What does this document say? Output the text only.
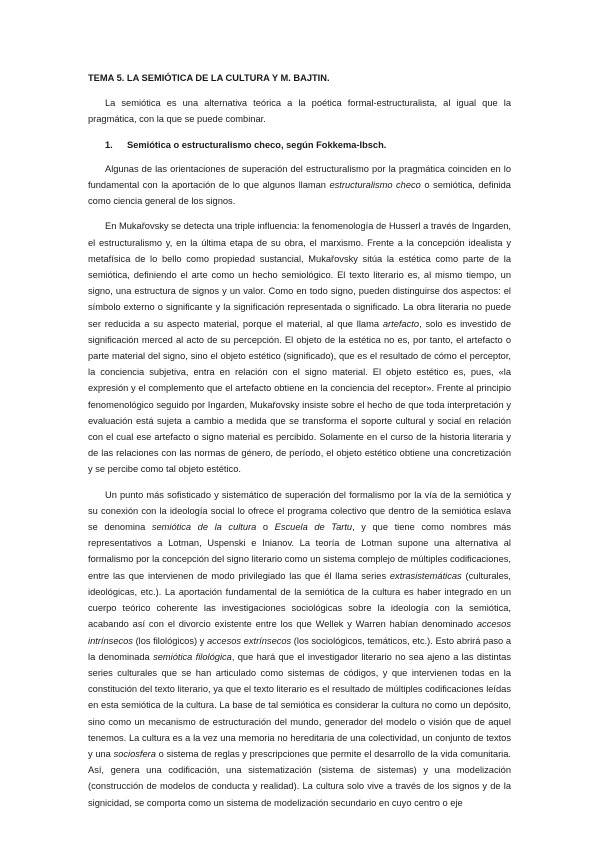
TEMA 5. LA SEMIÓTICA DE LA CULTURA Y M. BAJTIN.

La semiótica es una alternativa teórica a la poética formal-estructuralista, al igual que la pragmática, con la que se puede combinar.

1. Semiótica o estructuralismo checo, según Fokkema-Ibsch.

Algunas de las orientaciones de superación del estructuralismo por la pragmática coinciden en lo fundamental con la aportación de lo que algunos llaman estructuralismo checo o semiótica, definida como ciencia general de los signos.

En Mukařovsky se detecta una triple influencia: la fenomenología de Husserl a través de Ingarden, el estructuralismo y, en la última etapa de su obra, el marxismo. Frente a la concepción idealista y metafísica de lo bello como propiedad sustancial, Mukařovsky sitúa la estética como parte de la semiótica, definiendo el arte como un hecho semiológico. El texto literario es, al mismo tiempo, un signo, una estructura de signos y un valor. Como en todo signo, pueden distinguirse dos aspectos: el símbolo externo o significante y la significación representada o significado. La obra literaria no puede ser reducida a su aspecto material, porque el material, al que llama artefacto, solo es investido de significación merced al acto de su percepción. El objeto de la estética no es, por tanto, el artefacto o parte material del signo, sino el objeto estético (significado), que es el resultado de cómo el perceptor, la conciencia subjetiva, entra en relación con el signo material. El objeto estético es, pues, «la expresión y el complemento que el artefacto obtiene en la conciencia del receptor». Frente al principio fenomenológico seguido por Ingarden, Mukařovsky insiste sobre el hecho de que toda interpretación y evaluación está sujeta a cambio a medida que se transforma el soporte cultural y social en relación con el cual ese artefacto o signo material es percibido. Solamente en el curso de la historia literaria y de las relaciones con las normas de género, de período, el objeto estético obtiene una concretización y se percibe como tal objeto estético.

Un punto más sofisticado y sistemático de superación del formalismo por la vía de la semiótica y su conexión con la ideología social lo ofrece el programa colectivo que dentro de la semiótica eslava se denomina semiótica de la cultura o Escuela de Tartu, y que tiene como nombres más representativos a Lotman, Uspenski e Inianov. La teoría de Lotman supone una alternativa al formalismo por la concepción del signo literario como un sistema complejo de múltiples codificaciones, entre las que intervienen de modo privilegiado las que él llama series extrasistemáticas (culturales, ideológicas, etc.). La aportación fundamental de la semiótica de la cultura es haber integrado en un cuerpo teórico coherente las investigaciones sociológicas sobre la ideología con la semiótica, acabando así con el divorcio existente entre los que Wellek y Warren habían denominado accesos intrínsecos (los filológicos) y accesos extrínsecos (los sociológicos, temáticos, etc.). Esto abrirá paso a la denominada semiótica filológica, que hará que el investigador literario no sea ajeno a las distintas series culturales que se han articulado como sistemas de códigos, y que intervienen todas en la constitución del texto literario, ya que el texto literario es el resultado de múltiples codificaciones leídas en esta semiótica de la cultura. La base de tal semiótica es considerar la cultura no como un depósito, sino como un mecanismo de estructuración del mundo, generador del modelo o visión que de aquel tenemos. La cultura es a la vez una memoria no hereditaria de una colectividad, un conjunto de textos y una sociosfera o sistema de reglas y prescripciones que permite el desarrollo de la vida comunitaria. Así, genera una codificación, una sistematización (sistema de sistemas) y una modelización (construcción de modelos de conducta y realidad). La cultura solo vive a través de los signos y de la signicidad, se comporta como un sistema de modelización secundario en cuyo centro o eje
